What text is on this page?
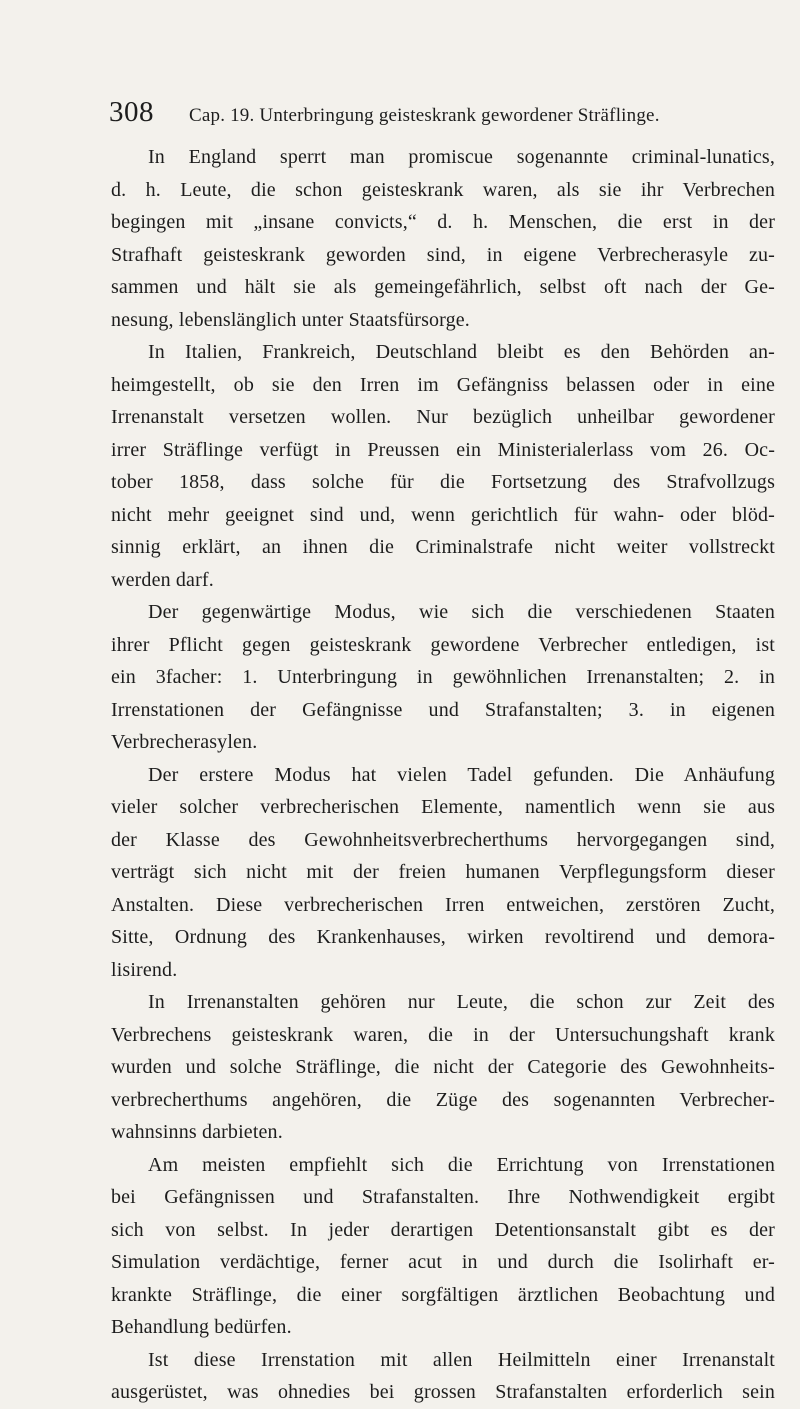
308 Cap. 19. Unterbringung geisteskrank gewordener Sträflinge.

In England sperrt man promiscue sogenannte criminal-lunatics,
d. h. Leute, die schon geisteskrank waren, als sie ihr Verbrechen
begingen mit „insane convicts,“ d. h. Menschen, die erst in der
Strafhaft geisteskrank geworden sind, in eigene Verbrecherasyle zu-
sammen und hält sie als gemeingefährlich, selbst oft nach der Ge-
nesung, lebenslänglich unter Staatsfürsorge.

In Italien, Frankreich, Deutschland bleibt es den Behörden an-
heimgestellt, ob sie den Irren im Gefängniss belassen oder in eine
Irrenanstalt versetzen wollen. Nur bezüglich unheilbar gewordener
irrer Sträflinge verfügt in Preussen ein Ministerialerlass vom 26. Oc-
tober 1858, dass solche für die Fortsetzung des Strafvollzugs
nicht mehr geeignet sind und, wenn gerichtlich für wahn- oder blöd-
sinnig erklärt, an ihnen die Criminalstrafe nicht weiter vollstreckt
werden darf.

Der gegenwärtige Modus, wie sich die verschiedenen Staaten
ihrer Pflicht gegen geisteskrank gewordene Verbrecher entledigen, ist
ein 3facher: 1. Unterbringung in gewöhnlichen Irrenanstalten; 2. in
Irrenstationen der Gefängnisse und Strafanstalten; 3. in eigenen
Verbrecherasylen.

Der erstere Modus hat vielen Tadel gefunden. Die Anhäufung
vieler solcher verbrecherischen Elemente, namentlich wenn sie aus
der Klasse des Gewohnheitsverbrecherthums hervorgegangen sind,
verträgt sich nicht mit der freien humanen Verpflegungsform dieser
Anstalten. Diese verbrecherischen Irren entweichen, zerstören Zucht,
Sitte, Ordnung des Krankenhauses, wirken revoltirend und demora-
lisirend.

In Irrenanstalten gehören nur Leute, die schon zur Zeit des
Verbrechens geisteskrank waren, die in der Untersuchungshaft krank
wurden und solche Sträflinge, die nicht der Categorie des Gewohnheits-
verbrecherthums angehören, die Züge des sogenannten Verbrecher-
wahnsinns darbieten.

Am meisten empfiehlt sich die Errichtung von Irrenstationen
bei Gefängnissen und Strafanstalten. Ihre Nothwendigkeit ergibt
sich von selbst. In jeder derartigen Detentionsanstalt gibt es der
Simulation verdächtige, ferner acut in und durch die Isolirhaft er-
krankte Sträflinge, die einer sorgfältigen ärztlichen Beobachtung und
Behandlung bedürfen.

Ist diese Irrenstation mit allen Heilmitteln einer Irrenanstalt
ausgerüstet, was ohnedies bei grossen Strafanstalten erforderlich sein
